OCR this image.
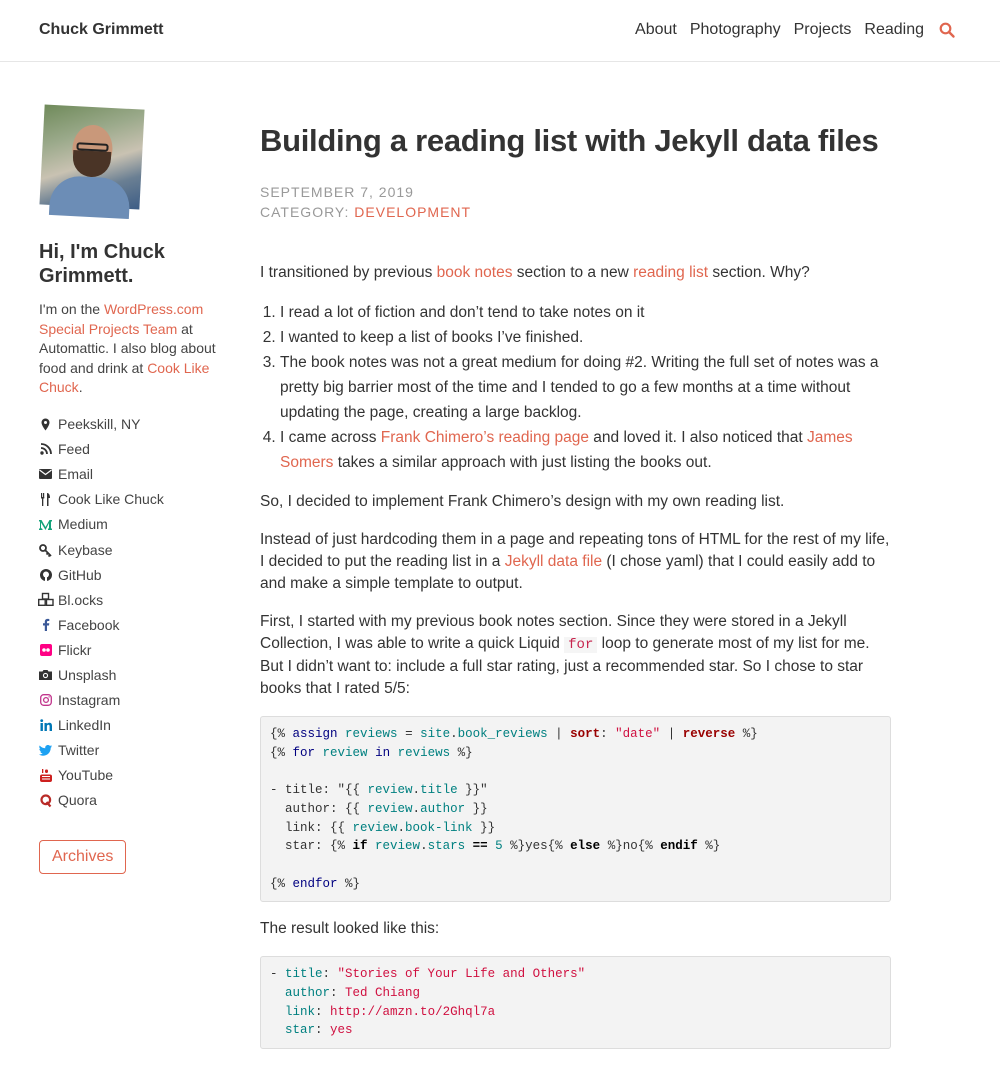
Chuck Grimmett	About Photography Projects Reading
Hi, I'm Chuck Grimmett.
I'm on the WordPress.com Special Projects Team at Automattic. I also blog about food and drink at Cook Like Chuck.
Peekskill, NY
Feed
Email
Cook Like Chuck
Medium
Keybase
GitHub
Bl.ocks
Facebook
Flickr
Unsplash
Instagram
LinkedIn
Twitter
YouTube
Quora
Archives
Building a reading list with Jekyll data files
SEPTEMBER 7, 2019
CATEGORY: DEVELOPMENT

I transitioned by previous book notes section to a new reading list section. Why?

1. I read a lot of fiction and don’t tend to take notes on it
2. I wanted to keep a list of books I’ve finished.
3. The book notes was not a great medium for doing #2. Writing the full set of notes was a pretty big barrier most of the time and I tended to go a few months at a time without updating the page, creating a large backlog.
4. I came across Frank Chimero’s reading page and loved it. I also noticed that James Somers takes a similar approach with just listing the books out.

So, I decided to implement Frank Chimero’s design with my own reading list.

Instead of just hardcoding them in a page and repeating tons of HTML for the rest of my life, I decided to put the reading list in a Jekyll data file (I chose yaml) that I could easily add to and make a simple template to output.

First, I started with my previous book notes section. Since they were stored in a Jekyll Collection, I was able to write a quick Liquid for loop to generate most of my list for me. But I didn’t want to: include a full star rating, just a recommended star. So I chose to star books that I rated 5/5:

{% assign reviews = site.book_reviews | sort: "date" | reverse %}
{% for review in reviews %}

- title: "{{ review.title }}"
author: {{ review.author }}
link: {{ review.book-link }}
star: {% if review.stars == 5 %}yes{% else %}no{% endif %}

{% endfor %}

The result looked like this:

- title: "Stories of Your Life and Others"
author: Ted Chiang
link: http://amzn.to/2Ghql7a
star: yes
